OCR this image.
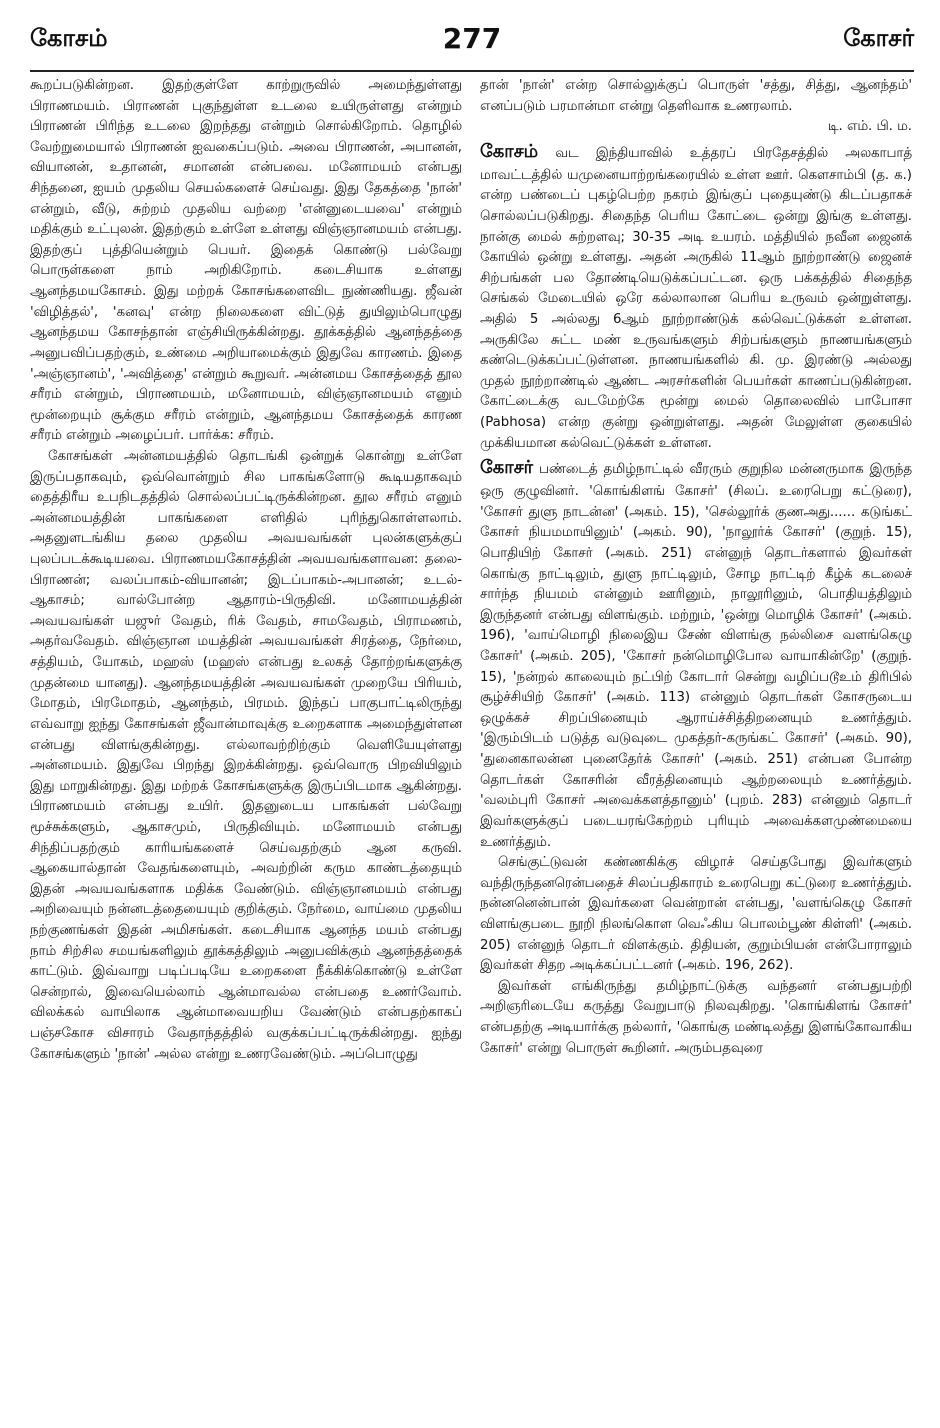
கோசம்	277	கோசர்

கூறப்படுகின்றன. இதற்குள்ளே காற்றுருவில் அமைந்துள்ளது பிராணமயம். பிராணன் புகுந்துள்ள உடலை உயிருள்ளது என்றும் பிராணன் பிரிந்த உடலை இறந்தது என்றும் சொல்கிறோம். தொழில் வேற்றுமையால் பிராணன் ஐவகைப்படும். அவை பிராணன், அபானன், வியானன், உதானன், சமானன் என்பவை. மனோமயம் என்பது சிந்தனை, ஐயம் முதலிய செயல்களைச் செய்வது. இது தேகத்தை 'நான்' என்றும், வீடு, சுற்றம் முதலிய வற்றை 'என்னுடையவை' என்றும் மதிக்கும் உட்புலன். இதற்கும் உள்ளே உள்ளது விஞ்ஞானமயம் என்பது. இதற்குப் புத்தியென்றும் பெயர். இதைக் கொண்டு பல்வேறு பொருள்களை நாம் அறிகிறோம். கடைசியாக உள்ளது ஆனந்தமயகோசம். இது மற்றக் கோசங்களைவிட நுண்ணியது. ஜீவன் 'விழித்தல்', 'கனவு' என்ற நிலைகளை விட்டுத் துயிலும்பொழுது ஆனந்தமய கோசந்தான் எஞ்சியிருக்கின்றது. தூக்கத்தில் ஆனந்தத்தை அனுபவிப்பதற்கும், உண்மை அறியாமைக்கும் இதுவே காரணம். இதை 'அஞ்ஞானம்', 'அவித்தை' என்றும் கூறுவர். அன்னமய கோசத்தைத் தூல சரீரம் என்றும், பிராணமயம், மனோமயம், விஞ்ஞானமயம் எனும் மூன்றையும் சூக்கும சரீரம் என்றும், ஆனந்தமய கோசத்தைக் காரண சரீரம் என்றும் அழைப்பர். பார்க்க: சரீரம்.

கோசங்கள் அன்னமயத்தில் தொடங்கி ஒன்றுக் கொன்று உள்ளே இருப்பதாகவும், ஒவ்வொன்றும் சில பாகங்களோடு கூடியதாகவும் தைத்திரீய உபநிடதத்தில் சொல்லப்பட்டிருக்கின்றன. தூல சரீரம் எனும் அன்னமயத்தின் பாகங்களை எளிதில் புரிந்துகொள்ளலாம். அதனுளடங்கிய தலை முதலிய அவயவங்கள் புலன்களுக்குப் புலப்படக்கூடியவை. பிராணமயகோசத்தின் அவயவங்களாவன: தலை-பிராணன்; வலப்பாகம்-வியானன்; இடப்பாகம்-அபானன்; உடல்-ஆகாசம்; வால்போன்ற ஆதாரம்-பிருதிவி. மனோமயத்தின் அவயவங்கள் யஜுர் வேதம், ரிக் வேதம், சாமவேதம், பிராமணம், அதர்வவேதம். விஞ்ஞான மயத்தின் அவயவங்கள் சிரத்தை, நேர்மை, சத்தியம், யோகம், மஹஸ் (மஹஸ் என்பது உலகத் தோற்றங்களுக்கு முதன்மை யானது). ஆனந்தமயத்தின் அவயவங்கள் முறையே பிரியம், மோதம், பிரமோதம், ஆனந்தம், பிரமம். இந்தப் பாகுபாட்டிலிருந்து எவ்வாறு ஐந்து கோசங்கள் ஜீவான்மாவுக்கு உறைகளாக அமைந்துள்ளன என்பது விளங்குகின்றது. எல்லாவற்றிற்கும் வெளியேயுள்ளது அன்னமயம். இதுவே பிறந்து இறக்கின்றது. ஒவ்வொரு பிறவியிலும் இது மாறுகின்றது. இது மற்றக் கோசங்களுக்கு இருப்பிடமாக ஆகின்றது. பிராணமயம் என்பது உயிர். இதனுடைய பாகங்கள் பல்வேறு மூச்சுக்களும், ஆகாசமும், பிருதிவியும். மனோமயம் என்பது சிந்திப்பதற்கும் காரியங்களைச் செய்வதற்கும் ஆன கருவி. ஆகையால்தான் வேதங்களையும், அவற்றின் கரும காண்டத்தையும் இதன் அவயவங்களாக மதிக்க வேண்டும். விஞ்ஞானமயம் என்பது அறிவையும் நன்னடத்தையையும் குறிக்கும். நேர்மை, வாய்மை முதலிய நற்குணங்கள் இதன் அமிசங்கள். கடைசியாக ஆனந்த மயம் என்பது நாம் சிற்சில சமயங்களிலும் தூக்கத்திலும் அனுபவிக்கும் ஆனந்தத்தைக் காட்டும். இவ்வாறு படிப்படியே உறைகளை நீக்கிக்கொண்டு உள்ளே சென்றால், இவையெல்லாம் ஆன்மாவல்ல என்பதை உணர்வோம். விலக்கல் வாயிலாக ஆன்மாவையறிய வேண்டும் என்பதற்காகப் பஞ்சகோச விசாரம் வேதாந்தத்தில் வகுக்கப்பட்டிருக்கின்றது. ஐந்து கோசங்களும் 'நான்' அல்ல என்று உணரவேண்டும். அப்பொழுது

தான் 'நான்' என்ற சொல்லுக்குப் பொருள் 'சத்து, சித்து, ஆனந்தம்' எனப்படும் பரமான்மா என்று தெளிவாக உணரலாம்.
டி. எம். பி. ம.

கோசம் வட இந்தியாவில் உத்தரப் பிரதேசத்தில் அலகாபாத் மாவட்டத்தில் யமுனையாற்றங்கரையில் உள்ள ஊர். கௌசாம்பி (த. க.) என்ற பண்டைப் புகழ்பெற்ற நகரம் இங்குப் புதையுண்டு கிடப்பதாகச் சொல்லப்படுகிறது. சிதைந்த பெரிய கோட்டை ஒன்று இங்கு உள்ளது. நான்கு மைல் சுற்றளவு; 30-35 அடி உயரம். மத்தியில் நவீன ஜைனக் கோயில் ஒன்று உள்ளது. அதன் அருகில் 11ஆம் நூற்றாண்டு ஜைனச் சிற்பங்கள் பல தோண்டியெடுக்கப்பட்டன. ஒரு பக்கத்தில் சிதைந்த செங்கல் மேடையில் ஒரே கல்லாலான பெரிய உருவம் ஒன்றுள்ளது. அதில் 5 அல்லது 6ஆம் நூற்றாண்டுக் கல்வெட்டுக்கள் உள்ளன. அருகிலே சுட்ட மண் உருவங்களும் சிற்பங்களும் நாணயங்களும் கண்டெடுக்கப்பட்டுள்ளன. நாணயங்களில் கி. மு. இரண்டு அல்லது முதல் நூற்றாண்டில் ஆண்ட அரசர்களின் பெயர்கள் காணப்படுகின்றன. கோட்டைக்கு வடமேற்கே மூன்று மைல் தொலைவில் பாபோசா (Pabhosa) என்ற குன்று ஒன்றுள்ளது. அதன் மேலுள்ள குகையில் முக்கியமான கல்வெட்டுக்கள் உள்ளன.

கோசர் பண்டைத் தமிழ்நாட்டில் வீரரும் குறுநில மன்னருமாக இருந்த ஒரு குழுவினர். 'கொங்கிளங் கோசர்' (சிலப். உரைபெறு கட்டுரை), 'கோசர் துளு நாடன்ன' (அகம். 15), 'செல்லூர்க் குணஅது...... கடுங்கட் கோசர் நியமமாயினும்' (அகம். 90), 'நாலூர்க் கோசர்' (குறுந். 15), பொதியிற் கோசர் (அகம். 251) என்னுந் தொடர்களால் இவர்கள் கொங்கு நாட்டிலும், துளு நாட்டிலும், சோழ நாட்டிற் கீழ்க் கடலைச் சார்ந்த நியமம் என்னும் ஊரினும், நாலூரினும், பொதியத்திலும் இருந்தனர் என்பது விளங்கும். மற்றும், 'ஒன்று மொழிக் கோசர்' (அகம். 196), 'வாய்மொழி நிலைஇய சேண் விளங்கு நல்லிசை வளங்கெழு கோசர்' (அகம். 205), 'கோசர் நன்மொழிபோல வாயாகின்றே' (குறுந். 15), 'நன்றல் காலையும் நட்பிற் கோடார் சென்று வழிப்படூஉம் திரிபில் சூழ்ச்சியிற் கோசர்' (அகம். 113) என்னும் தொடர்கள் கோசருடைய ஒழுக்கச் சிறப்பினையும் ஆராய்ச்சித்திறனையும் உணர்த்தும். 'இரும்பிடம் படுத்த வடுவுடை முகத்தர்-கருங்கட் கோசர்' (அகம். 90), 'துனைகாலன்ன புனைதேர்க் கோசர்' (அகம். 251) என்பன போன்ற தொடர்கள் கோசரின் வீரத்தினையும் ஆற்றலையும் உணர்த்தும். 'வலம்புரி கோசர் அவைக்களத்தானும்' (புறம். 283) என்னும் தொடர் இவர்களுக்குப் படையரங்கேற்றம் புரியும் அவைக்களமுண்மையை உணர்த்தும்.

செங்குட்டுவன் கண்ணகிக்கு விழாச் செய்தபோது இவர்களும் வந்திருந்தனரென்பதைச் சிலப்பதிகாரம் உரைபெறு கட்டுரை உணர்த்தும். நன்னனென்பான் இவர்களை வென்றான் என்பது, 'வளங்கெழு கோசர் விளங்குபடை நூறி நிலங்கொள வெஃகிய பொலம்பூண் கிள்ளி' (அகம். 205) என்னுந் தொடர் விளக்கும். திதியன், குறும்பியன் என்போராலும் இவர்கள் சிதற அடிக்கப்பட்டனர் (அகம். 196, 262).

இவர்கள் எங்கிருந்து தமிழ்நாட்டுக்கு வந்தனர் என்பதுபற்றி அறிஞரிடையே கருத்து வேறுபாடு நிலவுகிறது. 'கொங்கிளங் கோசர்' என்பதற்கு அடியார்க்கு நல்லார், 'கொங்கு மண்டிலத்து இளங்கோவாகிய கோசர்' என்று பொருள் கூறினர். அரும்பதவுரை
